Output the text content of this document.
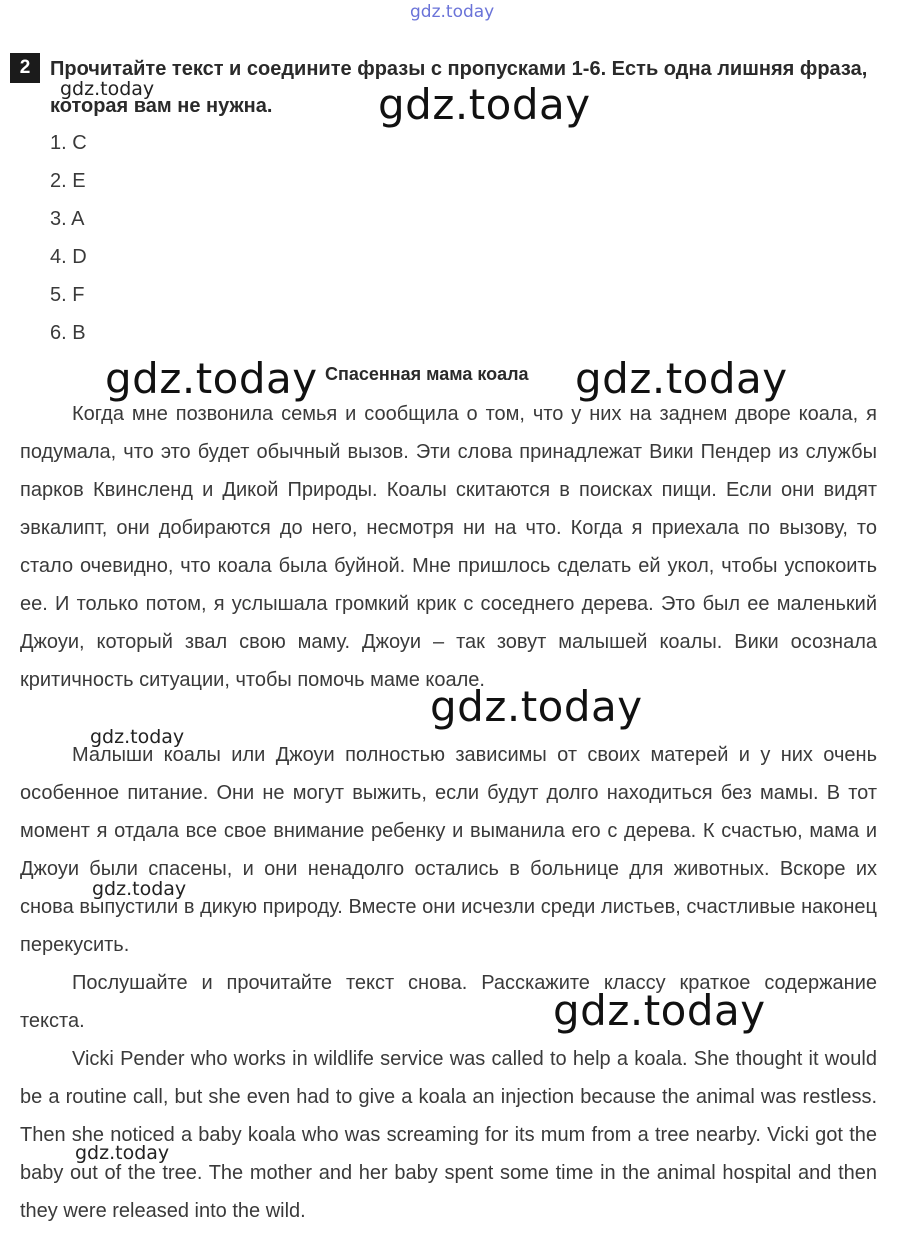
gdz.today
2 Прочитайте текст и соедините фразы с пропусками 1-6. Есть одна лишняя фраза, которая вам не нужна.
1. C
2. E
3. A
4. D
5. F
6. B
Спасенная мама коала

Когда мне позвонила семья и сообщила о том, что у них на заднем дворе коала, я подумала, что это будет обычный вызов. Эти слова принадлежат Вики Пендер из службы парков Квинсленд и Дикой Природы. Коалы скитаются в поисках пищи. Если они видят эвкалипт, они добираются до него, несмотря ни на что. Когда я приехала по вызову, то стало очевидно, что коала была буйной. Мне пришлось сделать ей укол, чтобы успокоить ее. И только потом, я услышала громкий крик с соседнего дерева. Это был ее маленький Джоуи, который звал свою маму. Джоуи – так зовут малышей коалы. Вики осознала критичность ситуации, чтобы помочь маме коале.

Малыши коалы или Джоуи полностью зависимы от своих матерей и у них очень особенное питание. Они не могут выжить, если будут долго находиться без мамы. В тот момент я отдала все свое внимание ребенку и выманила его с дерева. К счастью, мама и Джоуи были спасены, и они ненадолго остались в больнице для животных. Вскоре их снова выпустили в дикую природу. Вместе они исчезли среди листьев, счастливые наконец перекусить.

Послушайте и прочитайте текст снова. Расскажите классу краткое содержание текста.

Vicki Pender who works in wildlife service was called to help a koala. She thought it would be a routine call, but she even had to give a koala an injection because the animal was restless. Then she noticed a baby koala who was screaming for its mum from a tree nearby. Vicki got the baby out of the tree. The mother and her baby spent some time in the animal hospital and then they were released into the wild.

gdz.today	gdz.today
gdz.today	gdz.today
gdz.today
gdz.today
gdz.today
gdz.today
gdz.today
